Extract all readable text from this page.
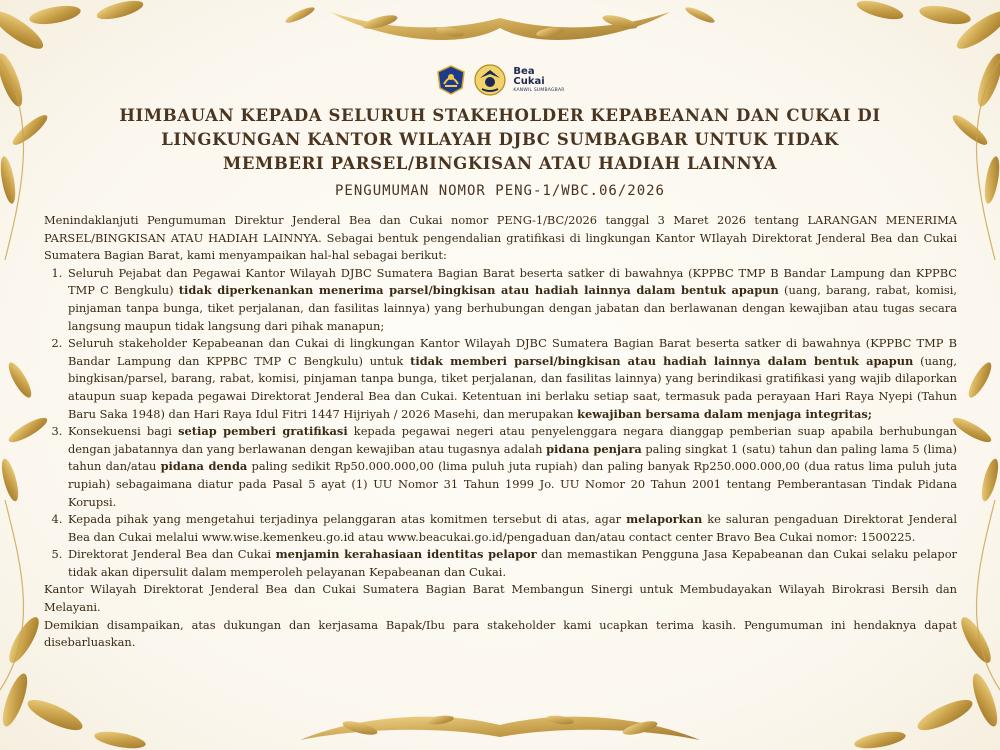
Bea
Cukai
KANWIL SUMBAGBAR
HIMBAUAN KEPADA SELURUH STAKEHOLDER KEPABEANAN DAN CUKAI DI LINGKUNGAN KANTOR WILAYAH DJBC SUMBAGBAR UNTUK TIDAK MEMBERI PARSEL/BINGKISAN ATAU HADIAH LAINNYA
PENGUMUMAN NOMOR PENG-1/WBC.06/2026

Menindaklanjuti Pengumuman Direktur Jenderal Bea dan Cukai nomor PENG-1/BC/2026 tanggal 3 Maret 2026 tentang LARANGAN MENERIMA PARSEL/BINGKISAN ATAU HADIAH LAINNYA. Sebagai bentuk pengendalian gratifikasi di lingkungan Kantor WIlayah Direktorat Jenderal Bea dan Cukai Sumatera Bagian Barat, kami menyampaikan hal-hal sebagai berikut:

1. Seluruh Pejabat dan Pegawai Kantor Wilayah DJBC Sumatera Bagian Barat beserta satker di bawahnya (KPPBC TMP B Bandar Lampung dan KPPBC TMP C Bengkulu) tidak diperkenankan menerima parsel/bingkisan atau hadiah lainnya dalam bentuk apapun (uang, barang, rabat, komisi, pinjaman tanpa bunga, tiket perjalanan, dan fasilitas lainnya) yang berhubungan dengan jabatan dan berlawanan dengan kewajiban atau tugas secara langsung maupun tidak langsung dari pihak manapun;
2. Seluruh stakeholder Kepabeanan dan Cukai di lingkungan Kantor Wilayah DJBC Sumatera Bagian Barat beserta satker di bawahnya (KPPBC TMP B Bandar Lampung dan KPPBC TMP C Bengkulu) untuk tidak memberi parsel/bingkisan atau hadiah lainnya dalam bentuk apapun (uang, bingkisan/parsel, barang, rabat, komisi, pinjaman tanpa bunga, tiket perjalanan, dan fasilitas lainnya) yang berindikasi gratifikasi yang wajib dilaporkan ataupun suap kepada pegawai Direktorat Jenderal Bea dan Cukai. Ketentuan ini berlaku setiap saat, termasuk pada perayaan Hari Raya Nyepi (Tahun Baru Saka 1948) dan Hari Raya Idul Fitri 1447 Hijriyah / 2026 Masehi, dan merupakan kewajiban bersama dalam menjaga integritas;
3. Konsekuensi bagi setiap pemberi gratifikasi kepada pegawai negeri atau penyelenggara negara dianggap pemberian suap apabila berhubungan dengan jabatannya dan yang berlawanan dengan kewajiban atau tugasnya adalah pidana penjara paling singkat 1 (satu) tahun dan paling lama 5 (lima) tahun dan/atau pidana denda paling sedikit Rp50.000.000,00 (lima puluh juta rupiah) dan paling banyak Rp250.000.000,00 (dua ratus lima puluh juta rupiah) sebagaimana diatur pada Pasal 5 ayat (1) UU Nomor 31 Tahun 1999 Jo. UU Nomor 20 Tahun 2001 tentang Pemberantasan Tindak Pidana Korupsi.
4. Kepada pihak yang mengetahui terjadinya pelanggaran atas komitmen tersebut di atas, agar melaporkan ke saluran pengaduan Direktorat Jenderal Bea dan Cukai melalui www.wise.kemenkeu.go.id atau www.beacukai.go.id/pengaduan dan/atau contact center Bravo Bea Cukai nomor: 1500225.
5. Direktorat Jenderal Bea dan Cukai menjamin kerahasiaan identitas pelapor dan memastikan Pengguna Jasa Kepabeanan dan Cukai selaku pelapor tidak akan dipersulit dalam memperoleh pelayanan Kepabeanan dan Cukai.

Kantor Wilayah Direktorat Jenderal Bea dan Cukai Sumatera Bagian Barat Membangun Sinergi untuk Membudayakan Wilayah Birokrasi Bersih dan Melayani.

Demikian disampaikan, atas dukungan dan kerjasama Bapak/Ibu para stakeholder kami ucapkan terima kasih. Pengumuman ini hendaknya dapat disebarluaskan.
